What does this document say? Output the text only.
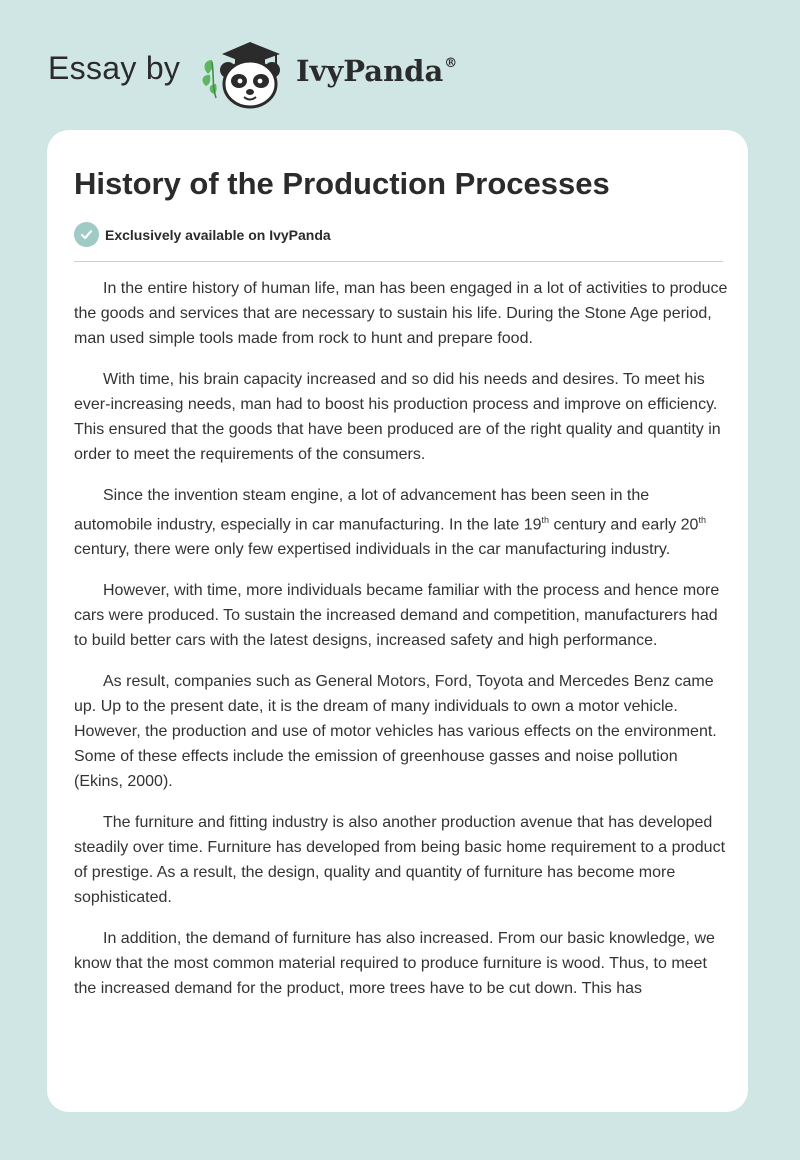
Essay by	IvyPanda®
History of the Production Processes
Exclusively available on IvyPanda

In the entire history of human life, man has been engaged in a lot of activities to produce the goods and services that are necessary to sustain his life. During the Stone Age period, man used simple tools made from rock to hunt and prepare food.

With time, his brain capacity increased and so did his needs and desires. To meet his ever-increasing needs, man had to boost his production process and improve on efficiency. This ensured that the goods that have been produced are of the right quality and quantity in order to meet the requirements of the consumers.

Since the invention steam engine, a lot of advancement has been seen in the automobile industry, especially in car manufacturing. In the late 19th century and early 20th century, there were only few expertised individuals in the car manufacturing industry.

However, with time, more individuals became familiar with the process and hence more cars were produced. To sustain the increased demand and competition, manufacturers had to build better cars with the latest designs, increased safety and high performance.

As result, companies such as General Motors, Ford, Toyota and Mercedes Benz came up. Up to the present date, it is the dream of many individuals to own a motor vehicle. However, the production and use of motor vehicles has various effects on the environment. Some of these effects include the emission of greenhouse gasses and noise pollution (Ekins, 2000).

The furniture and fitting industry is also another production avenue that has developed steadily over time. Furniture has developed from being basic home requirement to a product of prestige. As a result, the design, quality and quantity of furniture has become more sophisticated.

In addition, the demand of furniture has also increased. From our basic knowledge, we know that the most common material required to produce furniture is wood. Thus, to meet the increased demand for the product, more trees have to be cut down. This has
